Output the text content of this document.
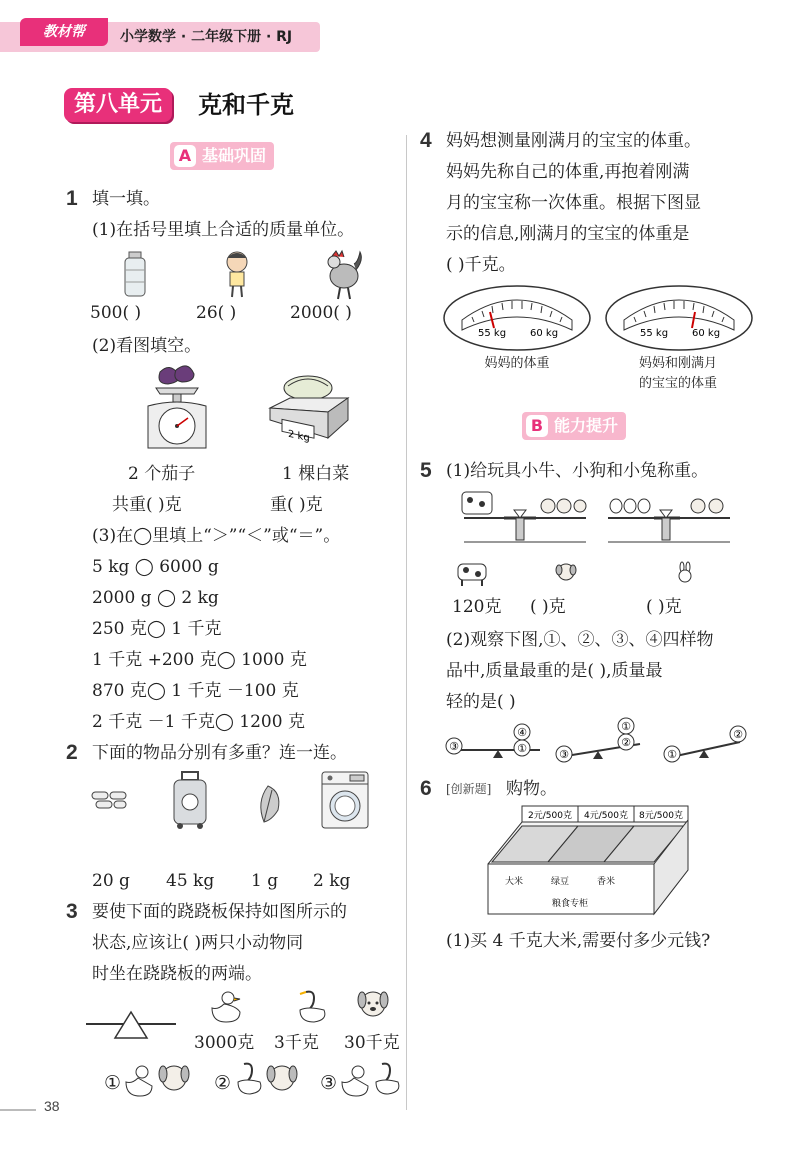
教材帮	小学数学 · 二年级下册 · RJ
第八单元	克和千克
A 基础巩固
1 填一填。
(1)在括号里填上合适的质量单位。
500( )	26( )	2000( )
(2)看图填空。
2 kg
2 个茄子	1 棵白菜
共重( )克	重( )克
(3)在◯里填上“＞”“＜”或“＝”。
5 kg ◯ 6000 g
2000 g ◯ 2 kg
250 克◯ 1 千克
1 千克 +200 克◯ 1000 克
870 克◯ 1 千克 －100 克
2 千克 －1 千克◯ 1200 克
2 下面的物品分别有多重？连一连。
20 g 45 kg 1 g 2 kg
3 要使下面的跷跷板保持如图所示的
状态,应该让( )两只小动物同
时坐在跷跷板的两端。
3000克 3千克 30千克
①	②	③
4 妈妈想测量刚满月的宝宝的体重。
妈妈先称自己的体重,再抱着刚满
月的宝宝称一次体重。根据下图显
示的信息,刚满月的宝宝的体重是
( )千克。
55 kg 60 kg	55 kg 60 kg
妈妈的体重	妈妈和刚满月
的宝宝的体重
B 能力提升
5 (1)给玩具小牛、小狗和小兔称重。
120克 ( )克	( )克
(2)观察下图,①、②、③、④四样物
品中,质量最重的是( ),质量最
轻的是( )
③
④
①	③
①
②
①
②
6 [创新题] 购物。
2元/500克 4元/500克 8元/500克
大米	绿豆	香米
粮食专柜
(1)买 4 千克大米,需要付多少元钱?
38
